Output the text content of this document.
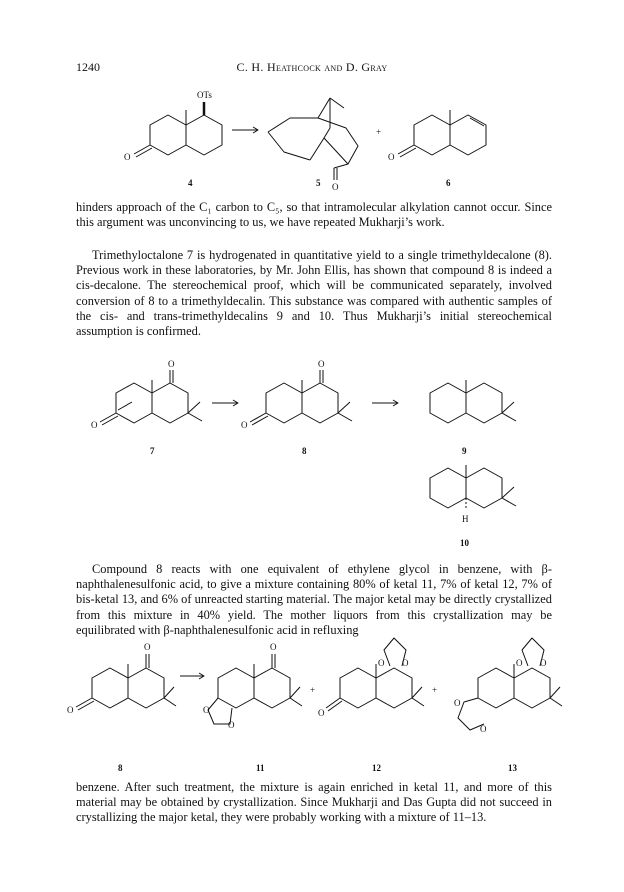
1240	C. H. Heathcock and D. Gray
O
OTs
O
+
O
4	5	6

hinders approach of the C₁ carbon to C₅, so that intramolecular alkylation cannot occur. Since this argument was unconvincing to us, we have repeated Mukharji’s work.

Trimethyloctalone 7 is hydrogenated in quantitative yield to a single trimethyldecalone (8). Previous work in these laboratories, by Mr. John Ellis, has shown that compound 8 is indeed a cis-decalone. The stereochemical proof, which will be communicated separately, involved conversion of 8 to a trimethyldecalin. This substance was compared with authentic samples of the cis- and trans-trimethyldecalins 9 and 10. Thus Mukharji’s initial stereochemical assumption is confirmed.

O
O
O
O
H
7	8	9
10

Compound 8 reacts with one equivalent of ethylene glycol in benzene, with β-naphthalenesulfonic acid, to give a mixture containing 80% of ketal 11, 7% of ketal 12, 7% of bis-ketal 13, and 6% of unreacted starting material. The major ketal may be directly crystallized from this mixture in 40% yield. The mother liquors from this crystallization may be equilibrated with β-naphthalenesulfonic acid in refluxing

O
O	O
O
O
+
O
O O
+
O O
O
O
8	11	12	13

benzene. After such treatment, the mixture is again enriched in ketal 11, and more of this material may be obtained by crystallization. Since Mukharji and Das Gupta did not succeed in crystallizing the major ketal, they were probably working with a mixture of 11–13.
